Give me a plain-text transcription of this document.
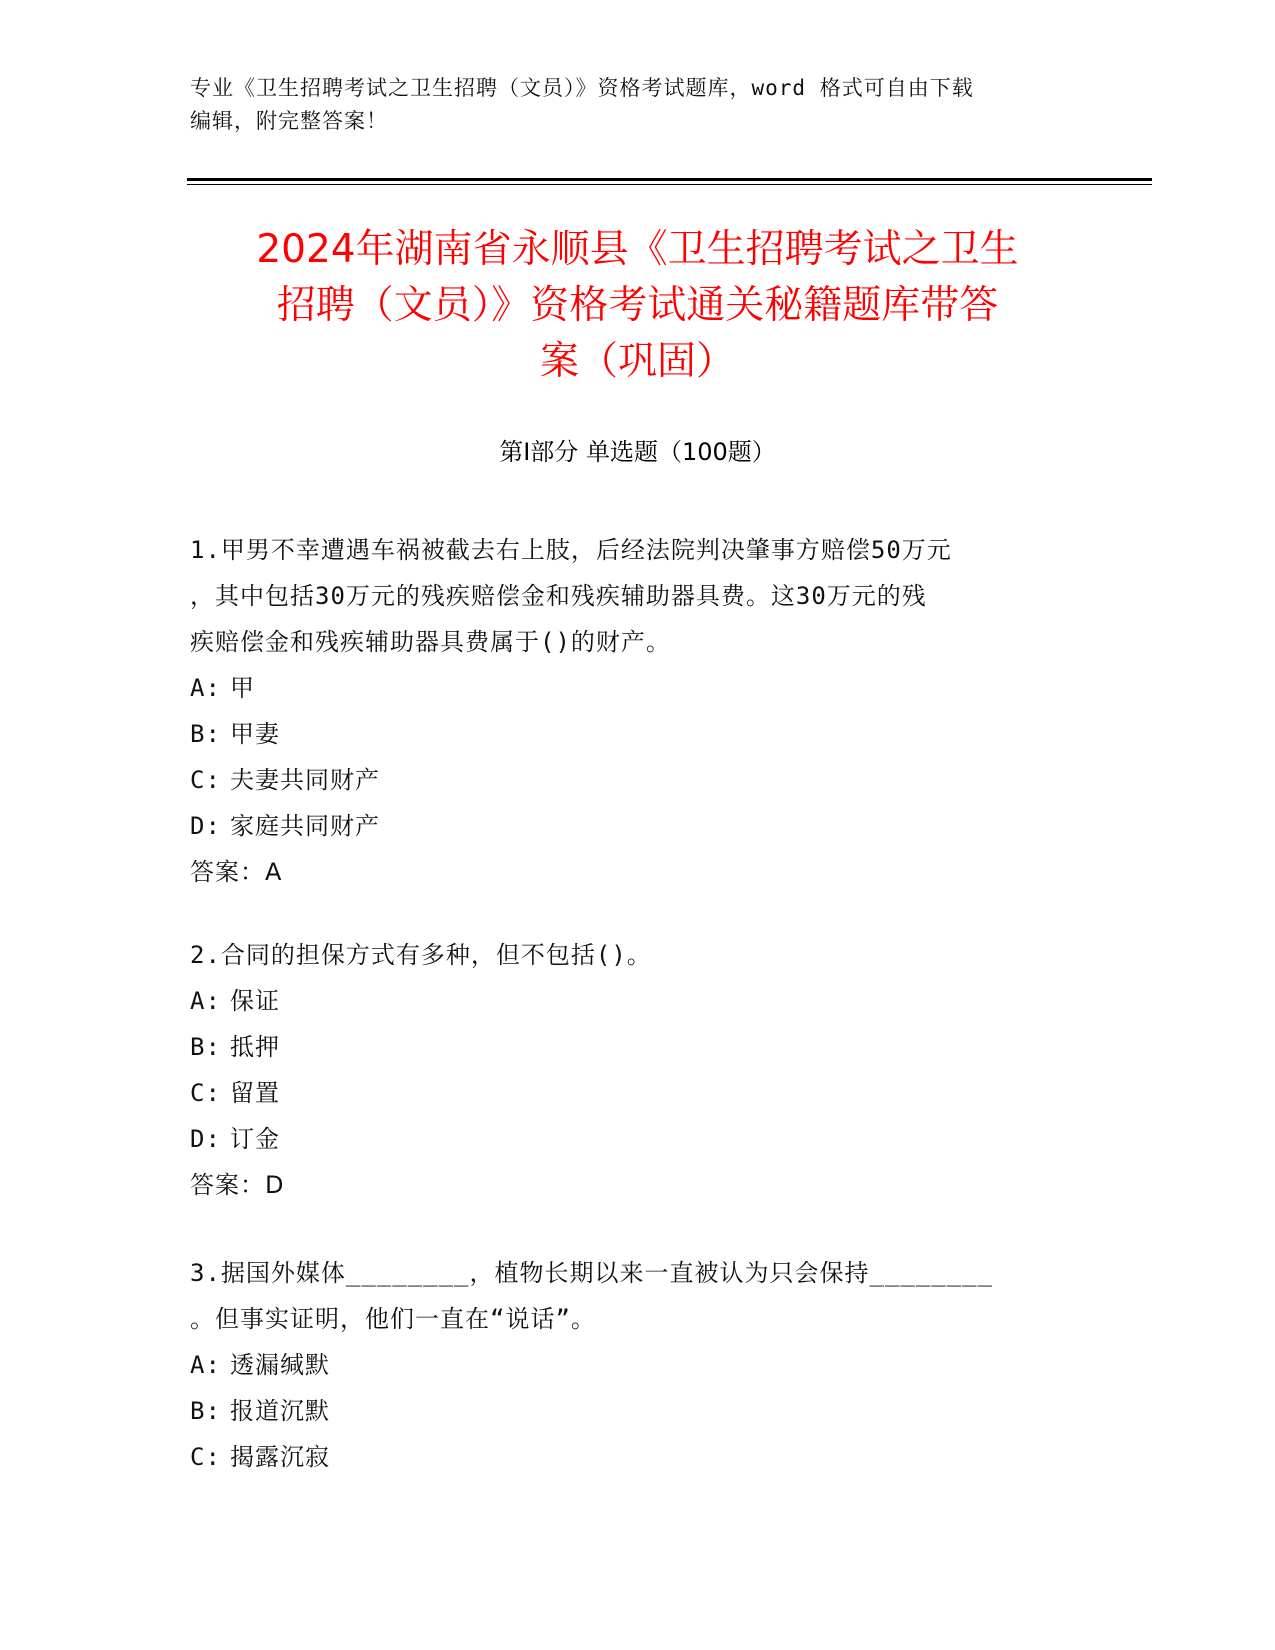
专业《卫生招聘考试之卫生招聘（文员）》资格考试题库，word 格式可自由下载
编辑，附完整答案！
2024年湖南省永顺县《卫生招聘考试之卫生
招聘（文员）》资格考试通关秘籍题库带答
案（巩固）
第Ⅰ部分 单选题（100题）
1.甲男不幸遭遇车祸被截去右上肢，后经法院判决肇事方赔偿50万元
，其中包括30万元的残疾赔偿金和残疾辅助器具费。这30万元的残
疾赔偿金和残疾辅助器具费属于()的财产。
A: 甲
B: 甲妻
C: 夫妻共同财产
D: 家庭共同财产
答案：A
2.合同的担保方式有多种，但不包括()。
A: 保证
B: 抵押
C: 留置
D: 订金
答案：D
3.据国外媒体________，植物长期以来一直被认为只会保持________
。但事实证明，他们一直在“说话”。
A: 透漏缄默
B: 报道沉默
C: 揭露沉寂
